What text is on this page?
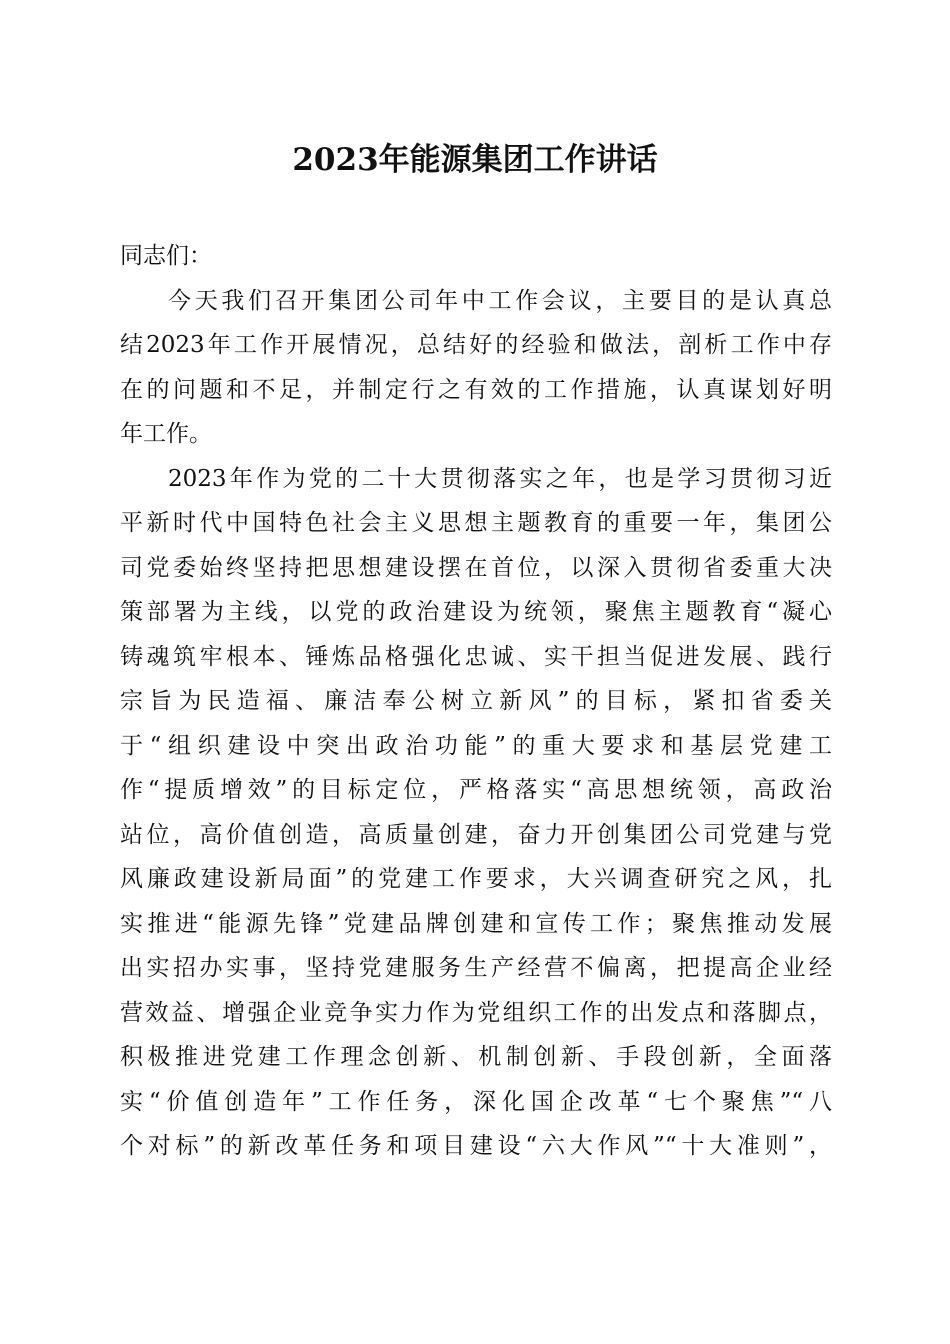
2023年能源集团工作讲话
同志们：
今天我们召开集团公司年中工作会议，主要目的是认真总
结2023年工作开展情况，总结好的经验和做法，剖析工作中存
在的问题和不足，并制定行之有效的工作措施，认真谋划好明
年工作。
2023年作为党的二十大贯彻落实之年，也是学习贯彻习近
平新时代中国特色社会主义思想主题教育的重要一年，集团公
司党委始终坚持把思想建设摆在首位，以深入贯彻省委重大决
策部署为主线，以党的政治建设为统领，聚焦主题教育“凝心
铸魂筑牢根本、锤炼品格强化忠诚、实干担当促进发展、践行
宗旨为民造福、廉洁奉公树立新风”的目标，紧扣省委关
于“组织建设中突出政治功能”的重大要求和基层党建工
作“提质增效”的目标定位，严格落实“高思想统领，高政治
站位，高价值创造，高质量创建，奋力开创集团公司党建与党
风廉政建设新局面”的党建工作要求，大兴调查研究之风，扎
实推进“能源先锋”党建品牌创建和宣传工作；聚焦推动发展
出实招办实事，坚持党建服务生产经营不偏离，把提高企业经
营效益、增强企业竞争实力作为党组织工作的出发点和落脚点，
积极推进党建工作理念创新、机制创新、手段创新，全面落
实“价值创造年”工作任务，深化国企改革“七个聚焦”“八
个对标”的新改革任务和项目建设“六大作风”“十大准则”，
